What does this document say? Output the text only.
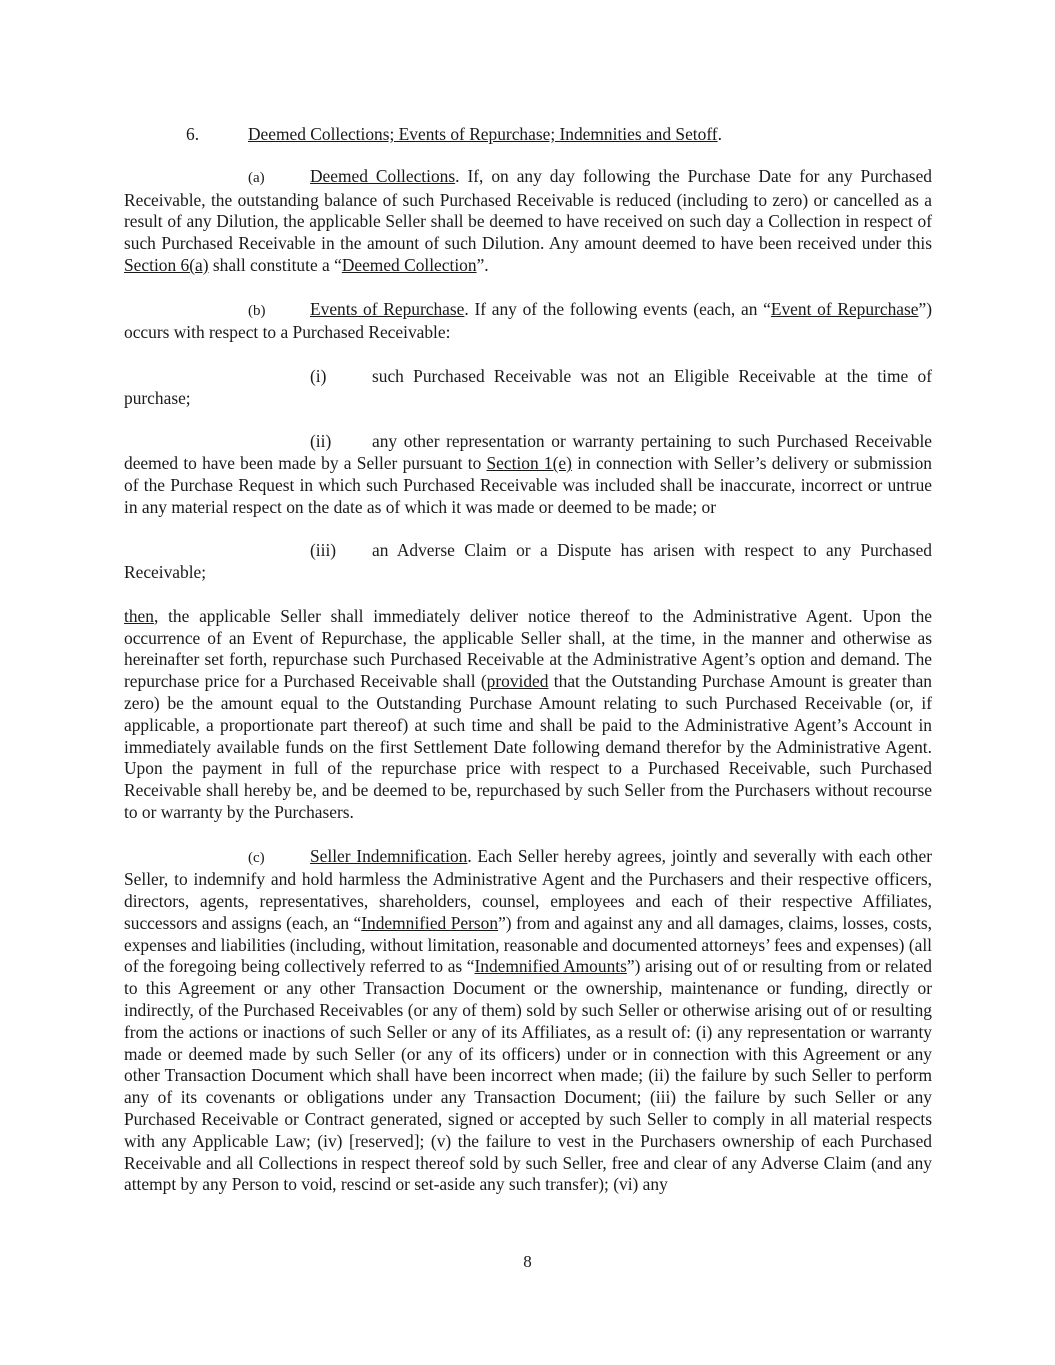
6.	Deemed Collections; Events of Repurchase; Indemnities and Setoff.

(a)	Deemed Collections. If, on any day following the Purchase Date for any Purchased Receivable, the outstanding balance of such Purchased Receivable is reduced (including to zero) or cancelled as a result of any Dilution, the applicable Seller shall be deemed to have received on such day a Collection in respect of such Purchased Receivable in the amount of such Dilution. Any amount deemed to have been received under this Section 6(a) shall constitute a “Deemed Collection”.

(b)	Events of Repurchase. If any of the following events (each, an “Event of Repurchase”) occurs with respect to a Purchased Receivable:

(i)	such Purchased Receivable was not an Eligible Receivable at the time of purchase;

(ii) any other representation or warranty pertaining to such Purchased Receivable deemed to have been made by a Seller pursuant to Section 1(e) in connection with Seller’s delivery or submission of the Purchase Request in which such Purchased Receivable was included shall be inaccurate, incorrect or untrue in any material respect on the date as of which it was made or deemed to be made; or

(iii) an Adverse Claim or a Dispute has arisen with respect to any Purchased Receivable;

then, the applicable Seller shall immediately deliver notice thereof to the Administrative Agent. Upon the occurrence of an Event of Repurchase, the applicable Seller shall, at the time, in the manner and otherwise as hereinafter set forth, repurchase such Purchased Receivable at the Administrative Agent’s option and demand. The repurchase price for a Purchased Receivable shall (provided that the Outstanding Purchase Amount is greater than zero) be the amount equal to the Outstanding Purchase Amount relating to such Purchased Receivable (or, if applicable, a proportionate part thereof) at such time and shall be paid to the Administrative Agent’s Account in immediately available funds on the first Settlement Date following demand therefor by the Administrative Agent. Upon the payment in full of the repurchase price with respect to a Purchased Receivable, such Purchased Receivable shall hereby be, and be deemed to be, repurchased by such Seller from the Purchasers without recourse to or warranty by the Purchasers.

(c)	Seller Indemnification. Each Seller hereby agrees, jointly and severally with each other Seller, to indemnify and hold harmless the Administrative Agent and the Purchasers and their respective officers, directors, agents, representatives, shareholders, counsel, employees and each of their respective Affiliates, successors and assigns (each, an “Indemnified Person”) from and against any and all damages, claims, losses, costs, expenses and liabilities (including, without limitation, reasonable and documented attorneys’ fees and expenses) (all of the foregoing being collectively referred to as “Indemnified Amounts”) arising out of or resulting from or related to this Agreement or any other Transaction Document or the ownership, maintenance or funding, directly or indirectly, of the Purchased Receivables (or any of them) sold by such Seller or otherwise arising out of or resulting from the actions or inactions of such Seller or any of its Affiliates, as a result of: (i) any representation or warranty made or deemed made by such Seller (or any of its officers) under or in connection with this Agreement or any other Transaction Document which shall have been incorrect when made; (ii) the failure by such Seller to perform any of its covenants or obligations under any Transaction Document; (iii) the failure by such Seller or any Purchased Receivable or Contract generated, signed or accepted by such Seller to comply in all material respects with any Applicable Law; (iv) [reserved]; (v) the failure to vest in the Purchasers ownership of each Purchased Receivable and all Collections in respect thereof sold by such Seller, free and clear of any Adverse Claim (and any attempt by any Person to void, rescind or set-aside any such transfer); (vi) any

8
